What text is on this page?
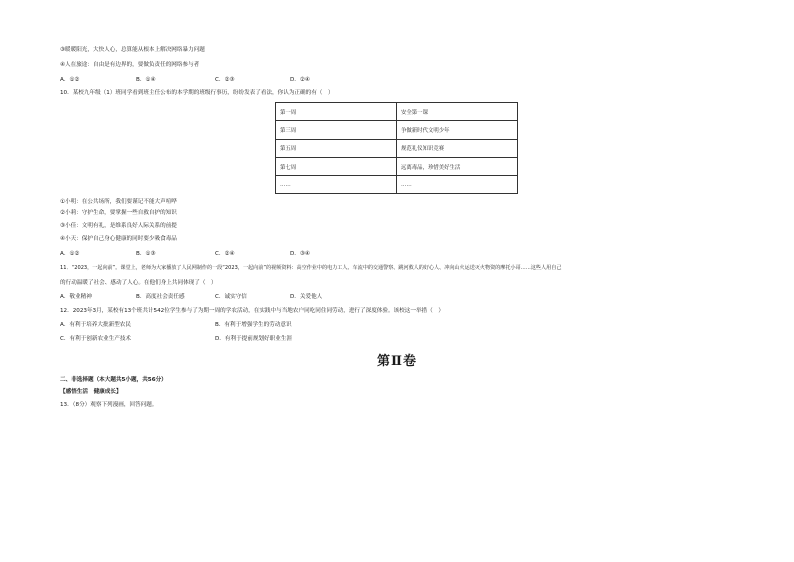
③暖暖阳光，大快人心，总算能从根本上解决网络暴力问题
④人在旅途：自由是有边界的，要做负责任的网络参与者
A．①②	B．①④	C．②③	D．②④
10．某校九年级（1）班同学看到班主任公布的本学期的班级行事历，纷纷发表了看法，你认为正确的有（　）
第一周	安全第一课
第三周	争做新时代文明少年
第五周	规范礼仪知识竞赛
第七周	远离毒品，珍惜美好生活
……	……
①小明：在公共场所，我们要谨记不能大声喧哗
②小莉：守护生命，要掌握一些自救自护的知识
③小佳：文明有礼，是维系良好人际关系的前提
④小天：保护自己身心健康的同时要少吸食毒品
A．①②	B．①③	C．②④	D．③④
11．“2023，一起向前”。课堂上，老师为大家播放了人民网制作的一段“2023，一起向前”的视频资料：高空作业中的电力工人、车流中的交通警察、跳河救人的好心人、冲向山火运送灭火物资的摩托小哥……这些人用自己
的行动温暖了社会、感动了人心。在他们身上共同体现了（　）
A．敬业精神	B．高度社会责任感	C．诚实守信	D．关爱他人
12．2023年3月，某校有13个班共计542位学生参与了为期一周的学农活动，在实践中与当地农户同吃同住同劳动，进行了深度体验。该校这一举措（　）
A．有利于培养大批新型农民	B．有利于增强学生的劳动意识
C．有利于创新农业生产技术	D．有利于提前规划好职业生涯
第Ⅱ卷
二、非选择题（本大题共5小题，共56分）
【感悟生活　健康成长】
13．（8分）观察下列漫画，回答问题。
